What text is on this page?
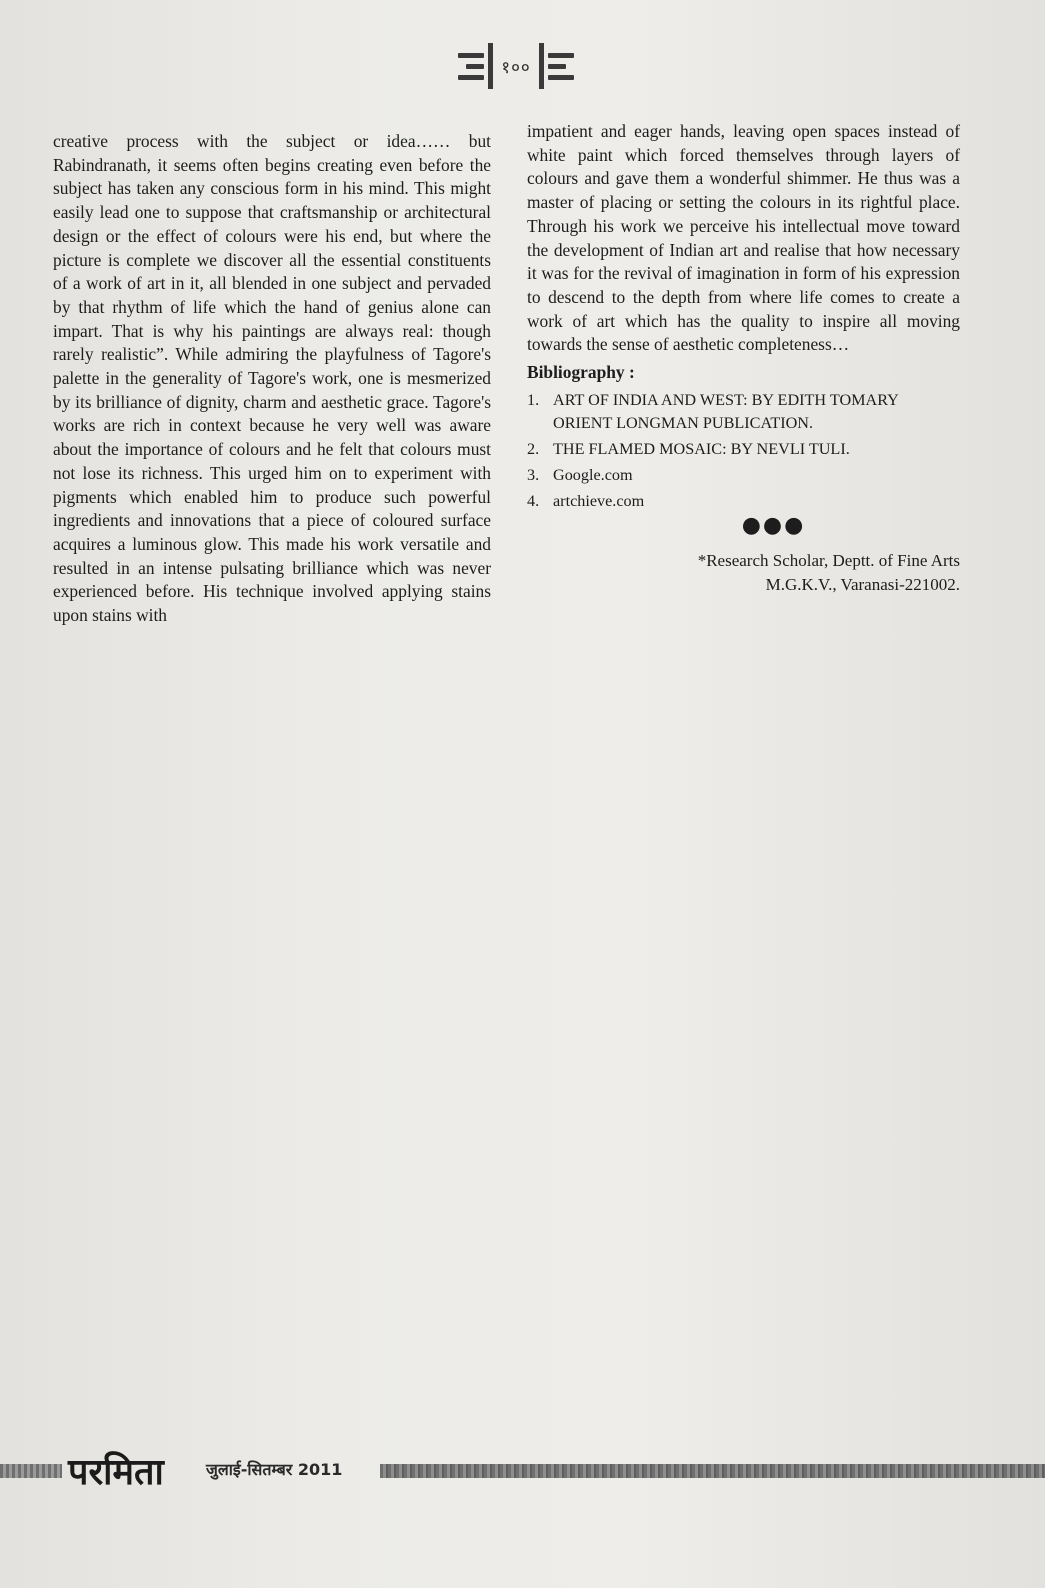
१००

creative process with the subject or idea…… but Rabindranath, it seems often begins creating even before the subject has taken any conscious form in his mind. This might easily lead one to suppose that craftsmanship or architectural design or the effect of colours were his end, but where the picture is complete we discover all the essential constituents of a work of art in it, all blended in one subject and pervaded by that rhythm of life which the hand of genius alone can impart. That is why his paintings are always real: though rarely realistic”. While admiring the playfulness of Tagore's palette in the generality of Tagore's work, one is mesmerized by its brilliance of dignity, charm and aesthetic grace. Tagore's works are rich in context because he very well was aware about the importance of colours and he felt that colours must not lose its richness. This urged him on to experiment with pigments which enabled him to produce such powerful ingredients and innovations that a piece of coloured surface acquires a luminous glow. This made his work versatile and resulted in an intense pulsating brilliance which was never experienced before. His technique involved applying stains upon stains with

impatient and eager hands, leaving open spaces instead of white paint which forced themselves through layers of colours and gave them a wonderful shimmer. He thus was a master of placing or setting the colours in its rightful place. Through his work we perceive his intellectual move toward the development of Indian art and realise that how necessary it was for the revival of imagination in form of his expression to descend to the depth from where life comes to create a work of art which has the quality to inspire all moving towards the sense of aesthetic completeness…

Bibliography :

1. ART OF INDIA AND WEST: BY EDITH TOMARY ORIENT LONGMAN PUBLICATION.
2. THE FLAMED MOSAIC: BY NEVLI TULI.
3. Google.com
4. artchieve.com
●●●
*Research Scholar, Deptt. of Fine Arts
M.G.K.V., Varanasi-221002.
परमिता	जुलाई-सितम्बर 2011
